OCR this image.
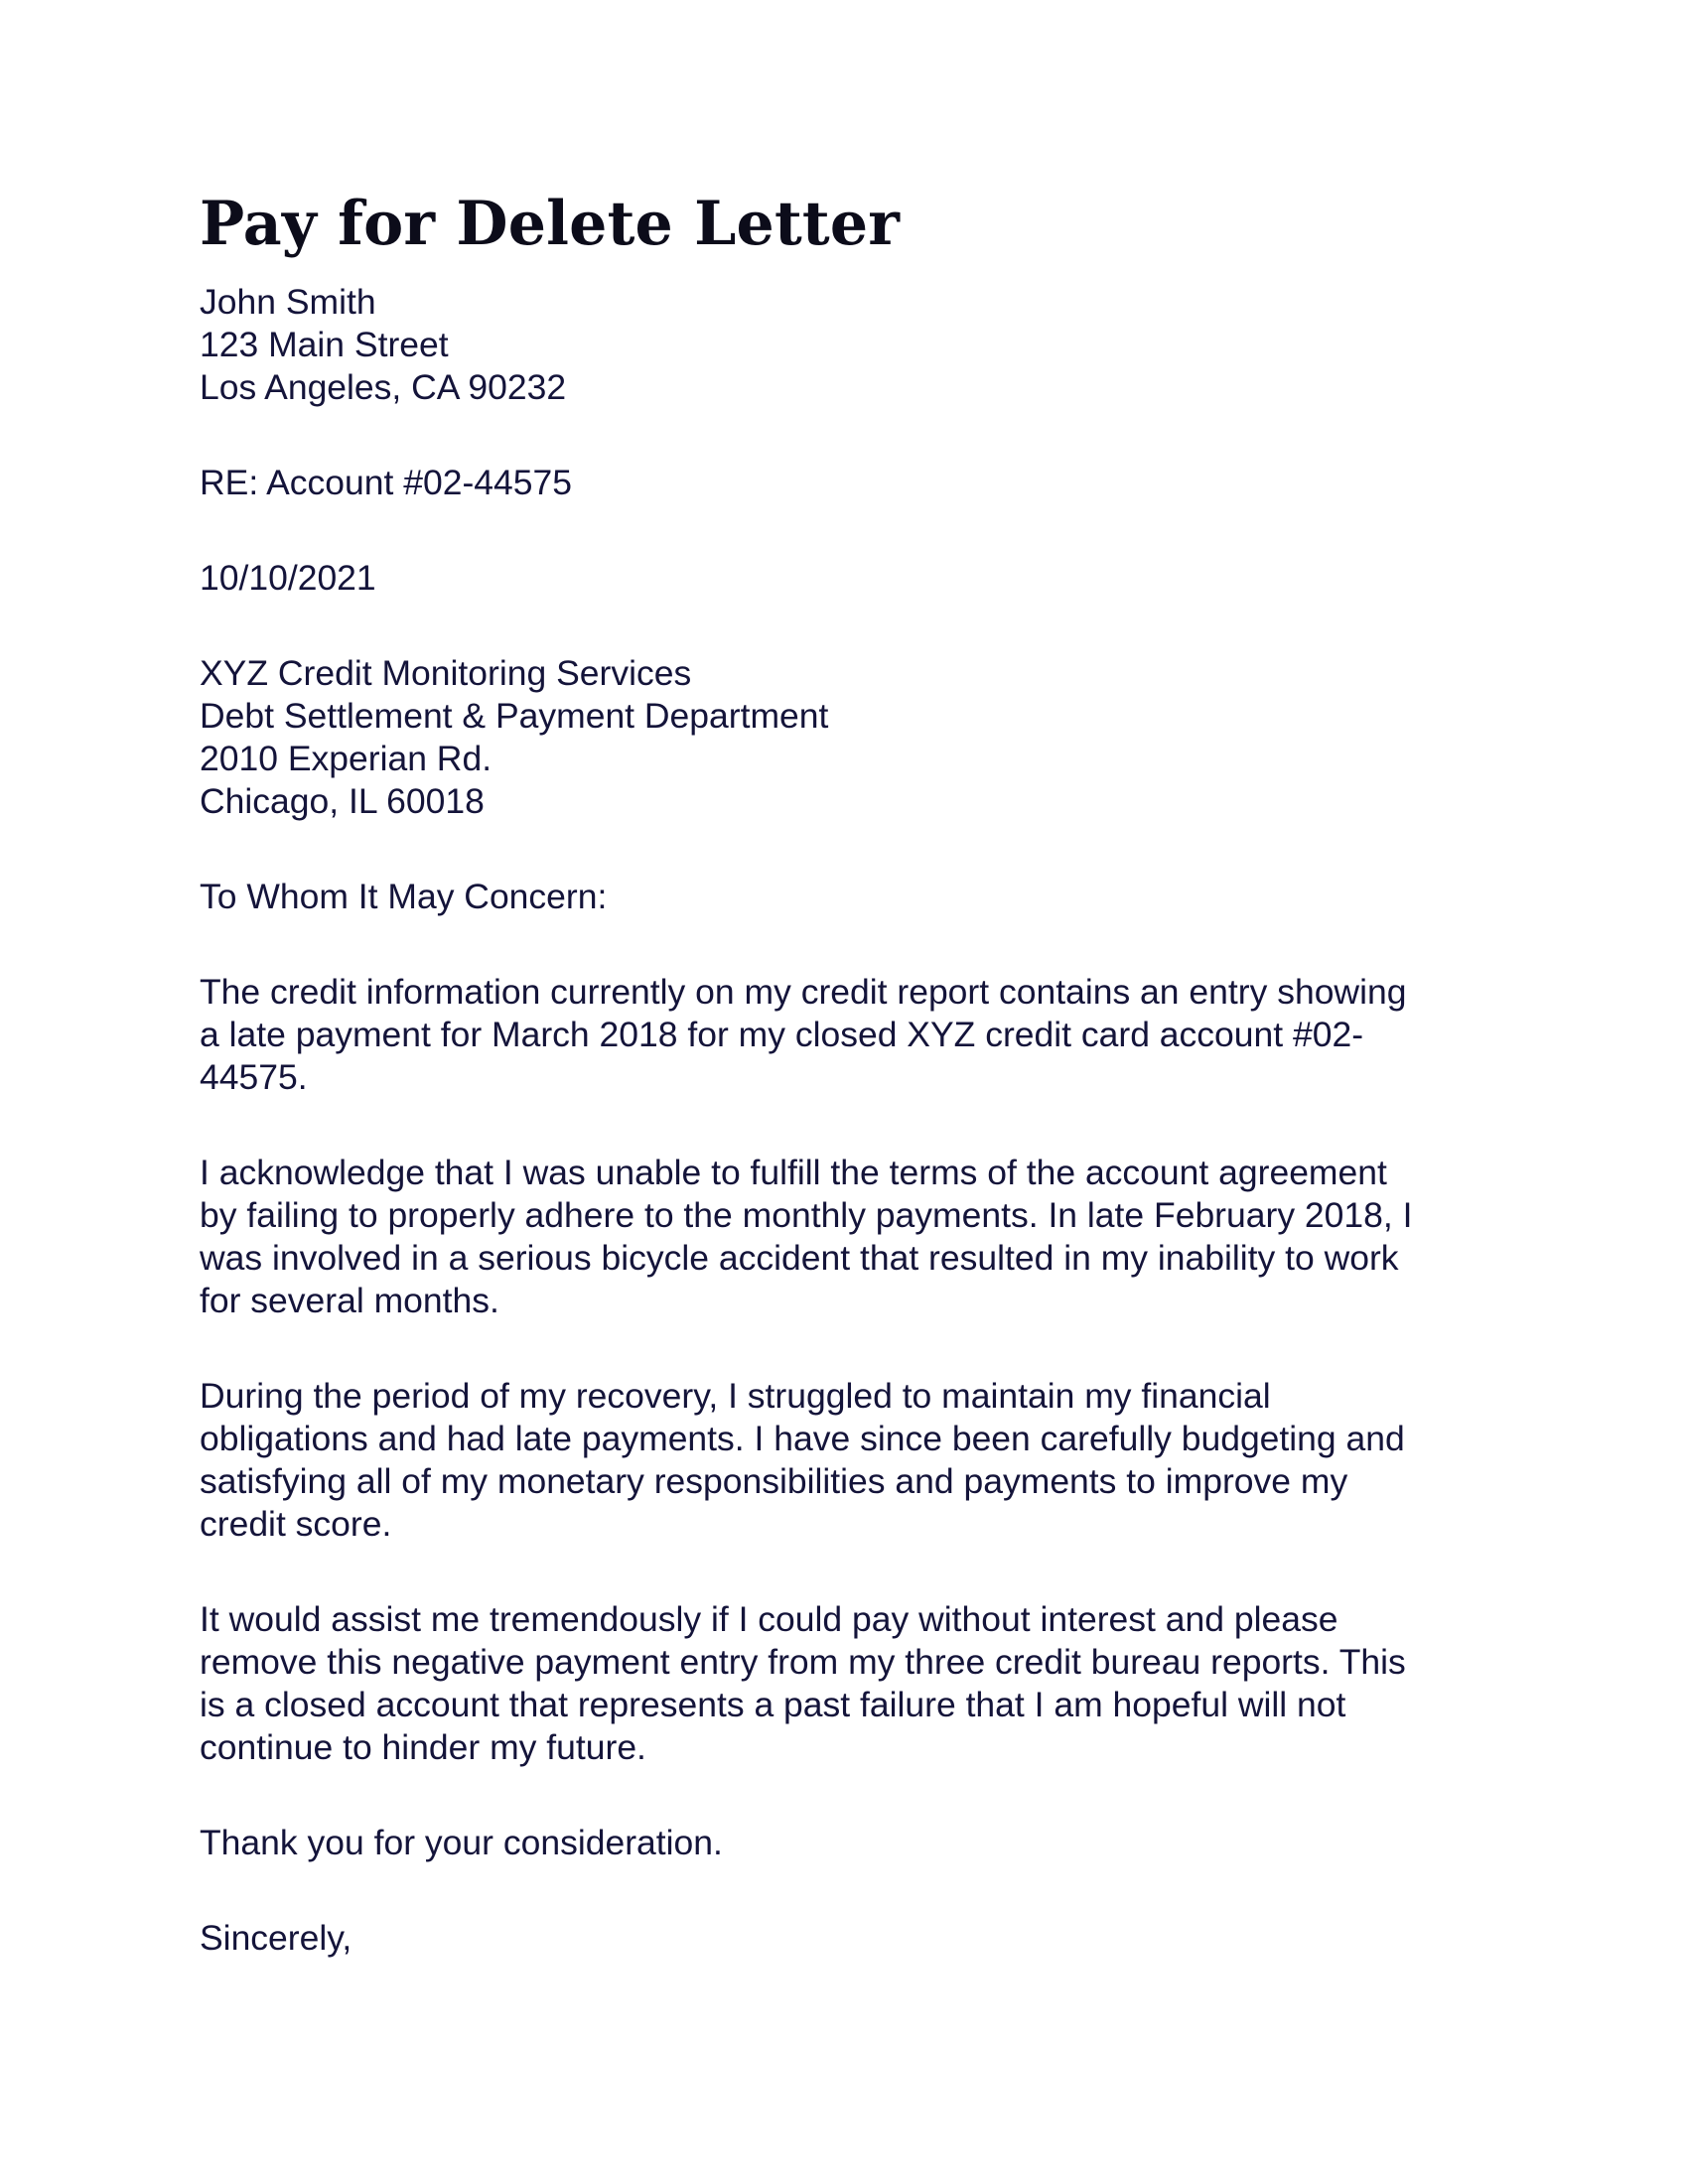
Pay for Delete Letter
John Smith
123 Main Street
Los Angeles, CA 90232

RE: Account #02-44575

10/10/2021

XYZ Credit Monitoring Services
Debt Settlement & Payment Department
2010 Experian Rd.
Chicago, IL 60018

To Whom It May Concern:

The credit information currently on my credit report contains an entry showing
a late payment for March 2018 for my closed XYZ credit card account #02-
44575.

I acknowledge that I was unable to fulfill the terms of the account agreement
by failing to properly adhere to the monthly payments. In late February 2018, I
was involved in a serious bicycle accident that resulted in my inability to work
for several months.

During the period of my recovery, I struggled to maintain my financial
obligations and had late payments. I have since been carefully budgeting and
satisfying all of my monetary responsibilities and payments to improve my
credit score.

It would assist me tremendously if I could pay without interest and please
remove this negative payment entry from my three credit bureau reports. This
is a closed account that represents a past failure that I am hopeful will not
continue to hinder my future.

Thank you for your consideration.

Sincerely,
